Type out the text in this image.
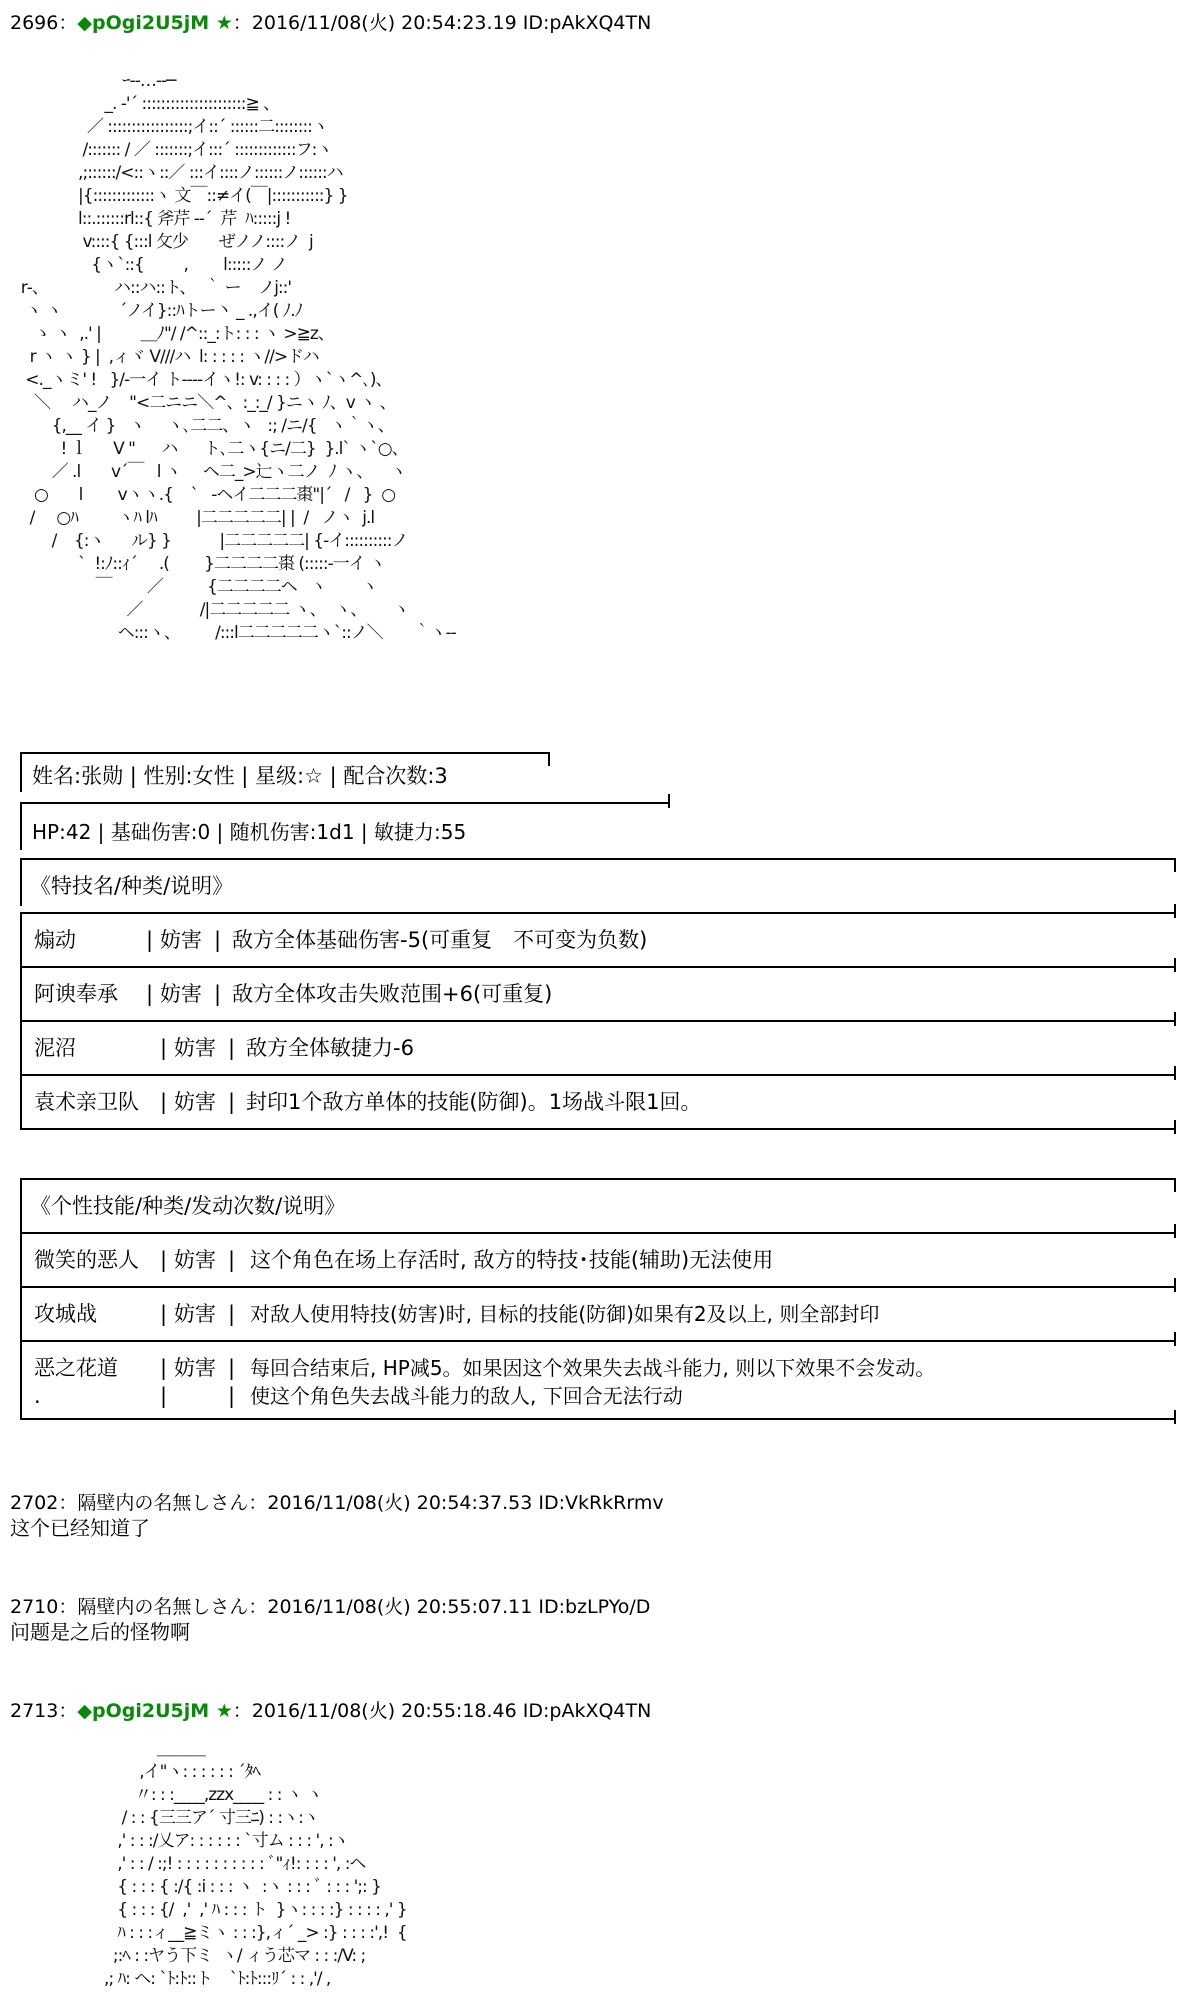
2696：◆pOgi2U5jM ★：2016/11/08(火) 20:54:23.19 ID:pAkXQ4TN
ｰ-‐…‐‐─
_. -'´ ::::::::::::::::::::::≧ 、
／ :::::::::::::::::;イ::´ ::::::二::::::::ヽ
/::::::: / ／ :::::::;イ:::´ :::::::::::::フ:ヽ
,;::::::/<::ヽ::／ :::イ::::ノ::::::ノ::::::ハ
|{:::::::::::::ヽ 文￣::≠イ(￣|:::::::::::} }
l::.::::::rl::{ 斧芹 -‐´  芹  ﾊ:::::j !
v::::{ {:::l 攵少       ぜノノ::::ノ  j
{ヽ`::{         ,        l:::::ノ ノ
r‐、               ハ::ハ::ト、  ｀ ー    ノj::'
ヽ ヽ             ´ノイ}::ﾊトー丶 _ .,イ( ﾉ.ﾉ
ゝ ヽ  ,.' |         ＿ﾉ"/ /^::_:ト: : : ヽ >≧z、
r ヽ ヽ } |  ,ィヾ V///ハ  l: : : : : ヽ//>ドハ
<._ヽミ' !   }/‐一イ ト--‐‐イヽ!: v: : : : ）ヽ`ヽ^､)、
＼     ハ_ノ    "<二ニニ＼^、:_:_/ }ニヽ ﾉ、v ヽ 、
{,__ イ }   ヽ     ヽ､二二、ヽ   :; /ニ/{   ヽ｀ヽ、
! ｌ      V "      ハ      ト､二ヽ{ニ/二}  }.l` ヽ`○、
／ .l       v´￣   l ヽ     ヘ二_>辷ヽ二ノ  ﾉ ヽ、    ヽ
○       l        vヽヽ.{    `   ‐ヘイ二二二棗"|´   /   }  ○
/     ○ﾊ         ヽﾊ lﾊ         |二二二二二| |  /   ノヽ  j.l
/    {:ヽ      ル} }           |二二二二二| {‐イ::::::::::ノ
`  !:ﾉ::ｨ´     .(        }二二二二棗 (:::::‐一イ ヽ
￣        ／          {二二二二ヘ   ヽ        ヽ
／             /|二二二二二 ヽ、  ヽ、      ヽ
ヘ:::ヽ、        /:::l二二二二二ヽ`::ノ＼       ｀ヽ--
姓名:张勋 | 性别:女性 | 星级:☆ | 配合次数:3
HP:42 | 基础伤害:0 | 随机伤害:1d1 | 敏捷力:55
《特技名/种类/说明》
煽动	| 妨害 | 敌方全体基础伤害-5(可重复　不可变为负数)
阿谀奉承 | 妨害 | 敌方全体攻击失败范围+6(可重复)
泥沼	| 妨害 | 敌方全体敏捷力-6
袁术亲卫队 | 妨害 | 封印1个敌方单体的技能(防御)。1场战斗限1回。
《个性技能/种类/发动次数/说明》
微笑的恶人 | 妨害 | 这个角色在场上存活时, 敌方的特技･技能(辅助)无法使用
攻城战	| 妨害 | 对敌人使用特技(妨害)时, 目标的技能(防御)如果有2及以上, 则全部封印
恶之花道 | 妨害 | 每回合结束后, HP减5。如果因这个效果失去战斗能力, 则以下效果不会发动。
.	|	| 使这个角色失去战斗能力的敌人, 下回合无法行动
2702：隔壁内の名無しさん：2016/11/08(火) 20:54:37.53 ID:VkRkRrmv
这个已经知道了
2710：隔壁内の名無しさん：2016/11/08(火) 20:55:07.11 ID:bzLPYo/D
问题是之后的怪物啊
2713：◆pOgi2U5jM ★：2016/11/08(火) 20:55:18.46 ID:pAkXQ4TN
＿＿＿
,イ"ヽ: : : : : : ´ﾀﾍ
〃: : :____,zzx____ : : ヽ ヽ
/ : : {三三ア´ 寸三ﾆ) : :ヽ:ヽ
,' : : :/乂ア: : : : : : `寸ム : : : ', :ヽ
,' : : / :;! : : : : : : : : : : ﾞ"ｨ!: : : : ', :ヘ
{ : : : { :/{ :i : : : ヽ  :ヽ : : : ﾞ : : : ';: }
{ : : : {/  ,'  ,' ﾊ : : : ト  }ヽ: : : :} : : : : ,' }
ﾊ : : :ィ__≧ミヽ : : :},ィ´ _> :} : : : :',!  {
;:ﾍ : :ヤう下ミ  ヽ/ ィう芯マ : : :/V: ;
,; ﾊ: ヘ: `ﾄ:ﾄ::ト    `ﾄ:ﾄ:::ﾘ´ : : ,'/ ,
